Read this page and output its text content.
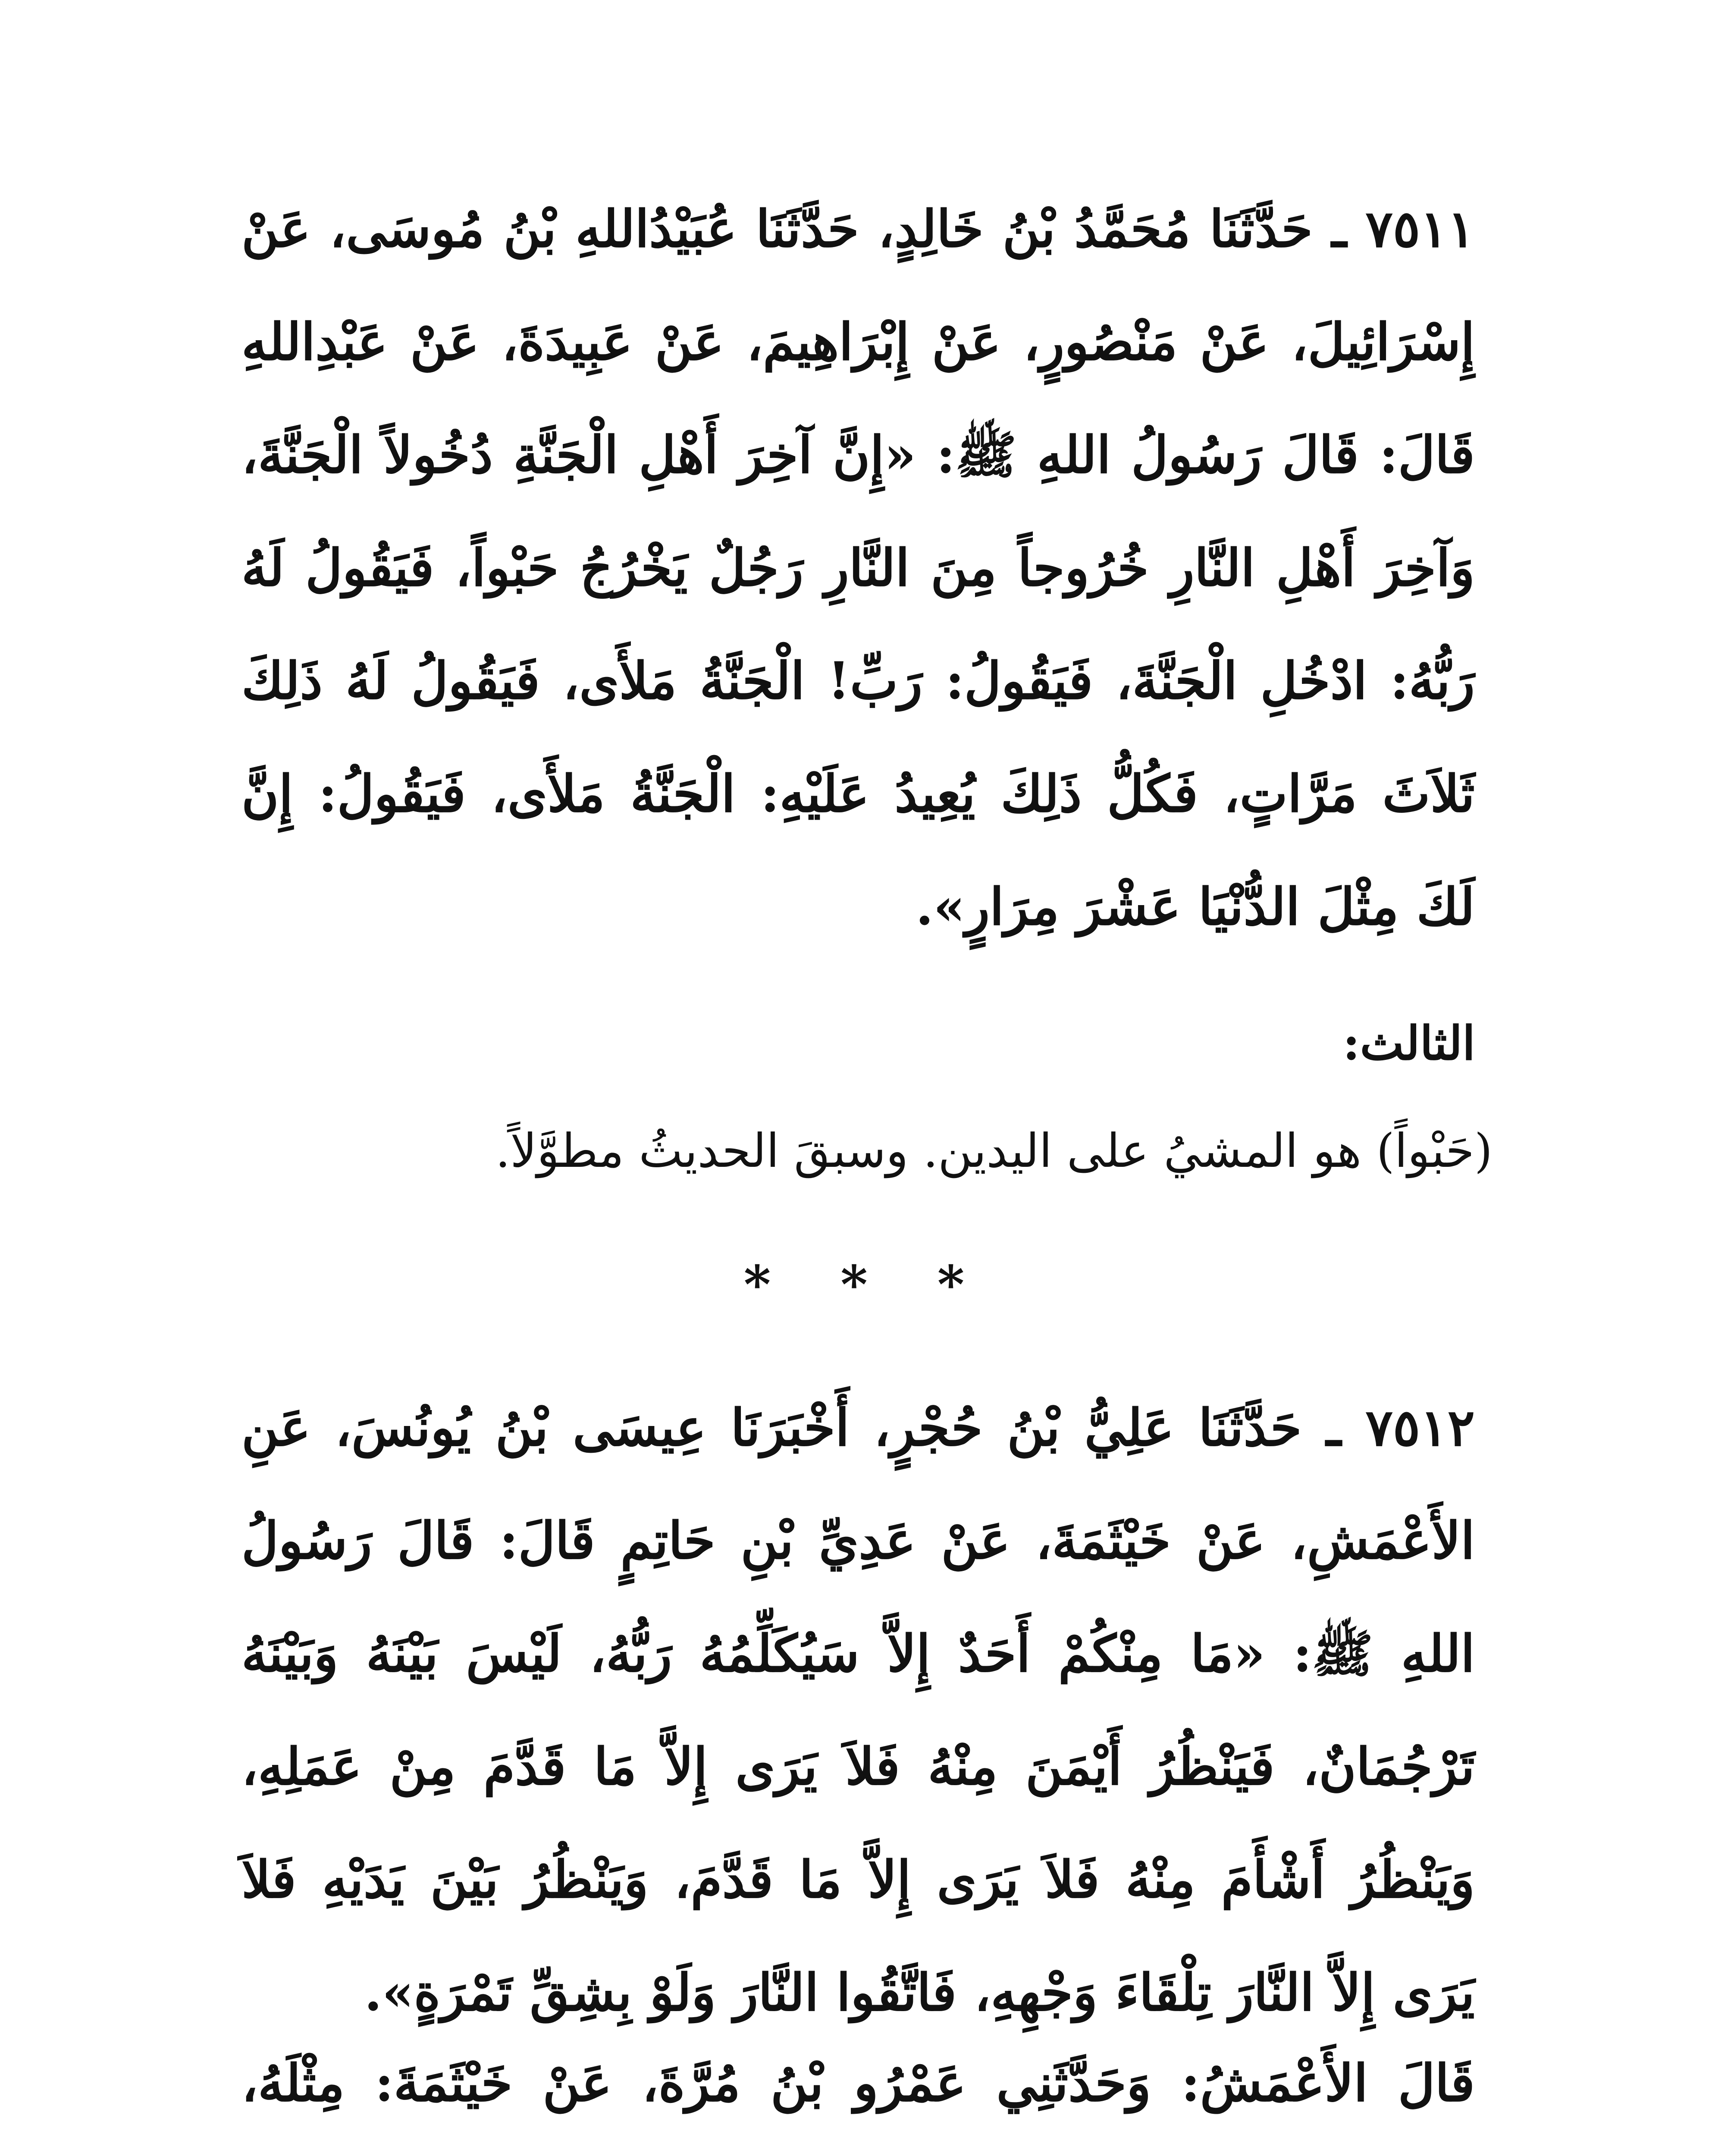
٧٥١١ ـ حَدَّثَنَا مُحَمَّدُ بْنُ خَالِدٍ، حَدَّثَنَا عُبَيْدُاللهِ بْنُ مُوسَى، عَنْ إِسْرَائِيلَ، عَنْ مَنْصُورٍ، عَنْ إِبْرَاهِيمَ، عَنْ عَبِيدَةَ، عَنْ عَبْدِاللهِ قَالَ: قَالَ رَسُولُ اللهِ ﷺ: «إِنَّ آخِرَ أَهْلِ الْجَنَّةِ دُخُولاً الْجَنَّةَ، وَآخِرَ أَهْلِ النَّارِ خُرُوجاً مِنَ النَّارِ رَجُلٌ يَخْرُجُ حَبْواً، فَيَقُولُ لَهُ رَبُّهُ: ادْخُلِ الْجَنَّةَ، فَيَقُولُ: رَبِّ! الْجَنَّةُ مَلأَى، فَيَقُولُ لَهُ ذَلِكَ ثَلاَثَ مَرَّاتٍ، فَكُلُّ ذَلِكَ يُعِيدُ عَلَيْهِ: الْجَنَّةُ مَلأَى، فَيَقُولُ: إِنَّ لَكَ مِثْلَ الدُّنْيَا عَشْرَ مِرَارٍ».
الثالث:
(حَبْواً) هو المشيُ على اليدين. وسبقَ الحديثُ مطوَّلاً.
* * *
٧٥١٢ ـ حَدَّثَنَا عَلِيُّ بْنُ حُجْرٍ، أَخْبَرَنَا عِيسَى بْنُ يُونُسَ، عَنِ الأَعْمَشِ، عَنْ خَيْثَمَةَ، عَنْ عَدِيِّ بْنِ حَاتِمٍ قَالَ: قَالَ رَسُولُ اللهِ ﷺ: «مَا مِنْكُمْ أَحَدٌ إِلاَّ سَيُكَلِّمُهُ رَبُّهُ، لَيْسَ بَيْنَهُ وَبَيْنَهُ تَرْجُمَانٌ، فَيَنْظُرُ أَيْمَنَ مِنْهُ فَلاَ يَرَى إِلاَّ مَا قَدَّمَ مِنْ عَمَلِهِ، وَيَنْظُرُ أَشْأَمَ مِنْهُ فَلاَ يَرَى إِلاَّ مَا قَدَّمَ، وَيَنْظُرُ بَيْنَ يَدَيْهِ فَلاَ يَرَى إِلاَّ النَّارَ تِلْقَاءَ وَجْهِهِ، فَاتَّقُوا النَّارَ وَلَوْ بِشِقِّ تَمْرَةٍ».
قَالَ الأَعْمَشُ: وَحَدَّثَنِي عَمْرُو بْنُ مُرَّةَ، عَنْ خَيْثَمَةَ: مِثْلَهُ،
